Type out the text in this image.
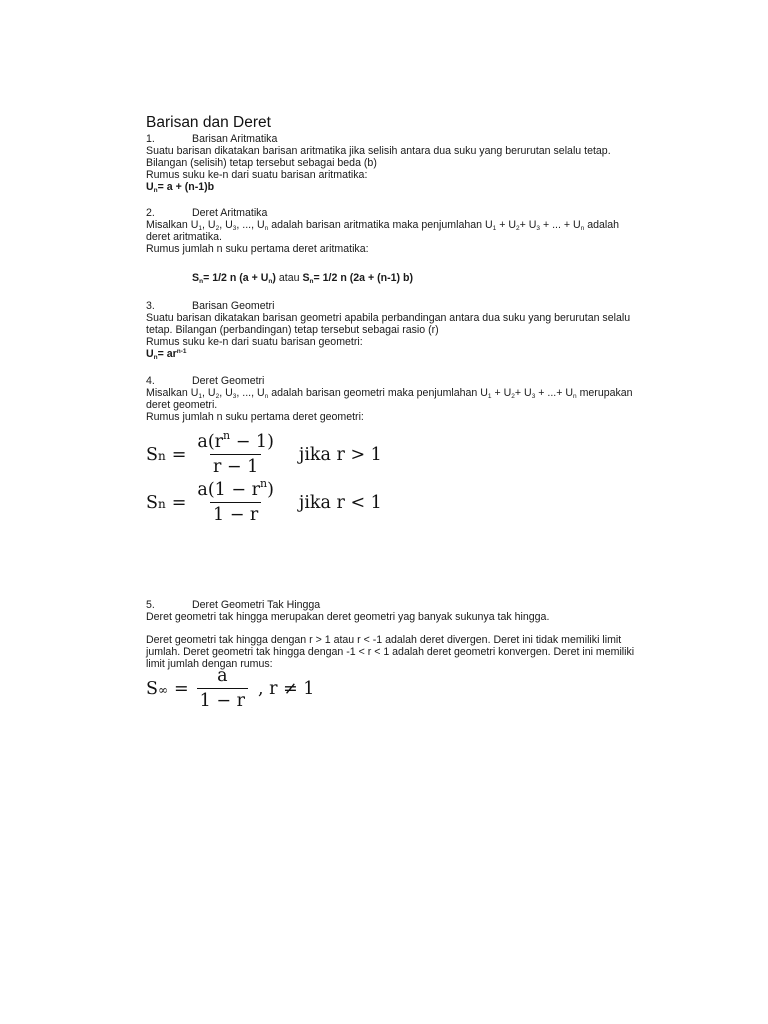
Barisan dan Deret
1.	Barisan Aritmatika
Suatu barisan dikatakan barisan aritmatika jika selisih antara dua suku yang berurutan selalu tetap.
Bilangan (selisih) tetap tersebut sebagai beda (b)
Rumus suku ke-n dari suatu barisan aritmatika:
$U_n= a + (n-1)b$
2.	Deret Aritmatika
Misalkan $U_1$, $U_2$, $U_3$, ..., $U_n$ adalah barisan aritmatika maka penjumlahan $U_1 + U_2+ U_3$ + ... + $U_n$ adalah
deret aritmatika.
Rumus jumlah n suku pertama deret aritmatika:
$S_n= 1/2$ n $(a + U_n)$ atau $S_n= 1/2$ n (2a + (n-1) b)
3.	Barisan Geometri
Suatu barisan dikatakan barisan geometri apabila perbandingan antara dua suku yang berurutan selalu
tetap. Bilangan (perbandingan) tetap tersebut sebagai rasio (r)
Rumus suku ke-n dari suatu barisan geometri:
$U_n= ar^{n-1}$
4.	Deret Geometri
Misalkan $U_1$, $U_2$, $U_3$, ..., $U_n$ adalah barisan geometri maka penjumlahan $U_1 + U_2+ U_3$ + ...+ $U_n$ merupakan
deret geometri.
Rumus jumlah n suku pertama deret geometri:
S $n = \frac{a(r^n - 1)}{r - 1}$ jika r > 1
S $n = \frac{a(1 - r^n)}{1 - r}$ jika r < 1
5.	Deret Geometri Tak Hingga
Deret geometri tak hingga merupakan deret geometri yag banyak sukunya tak hingga.
Deret geometri tak hingga dengan r > 1 atau r < -1 adalah deret divergen. Deret ini tidak memiliki limit
jumlah. Deret geometri tak hingga dengan -1 < r < 1 adalah deret geometri konvergen. Deret ini memiliki
limit jumlah dengan rumus:
S ∞ = $\frac{a}{1 - r}$ , r ≠ 1
